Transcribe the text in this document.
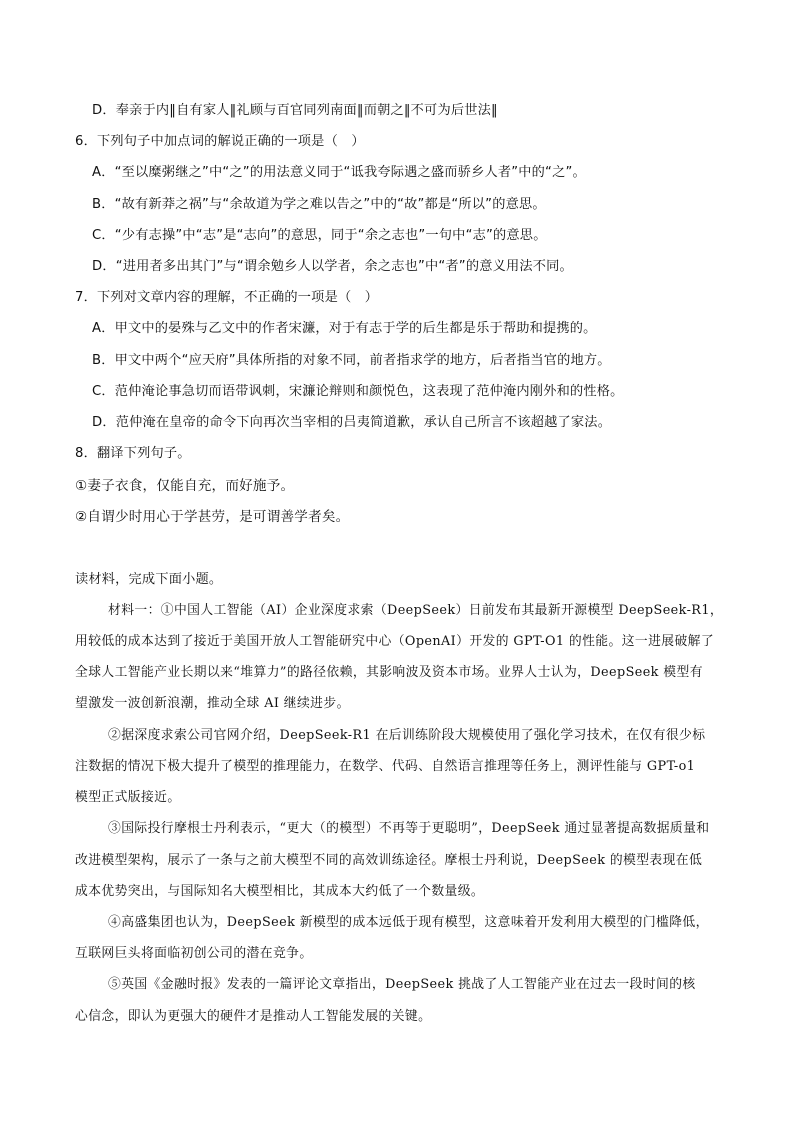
D．奉亲于内‖自有家人‖礼顾与百官同列南面‖而朝之‖不可为后世法‖
6．下列句子中加点词的解说正确的一项是（　）
A．“至以糜粥继之”中“之”的用法意义同于“诋我夸际遇之盛而骄乡人者”中的“之”。
B．“故有新莽之祸”与“余故道为学之难以告之”中的“故”都是“所以”的意思。
C．“少有志操”中“志”是“志向”的意思，同于“余之志也”一句中“志”的意思。
D．“进用者多出其门”与“谓余勉乡人以学者，余之志也”中“者”的意义用法不同。
7．下列对文章内容的理解，不正确的一项是（　）
A．甲文中的晏殊与乙文中的作者宋濂，对于有志于学的后生都是乐于帮助和提携的。
B．甲文中两个“应天府”具体所指的对象不同，前者指求学的地方，后者指当官的地方。
C．范仲淹论事急切而语带讽刺，宋濂论辩则和颜悦色，这表现了范仲淹内刚外和的性格。
D．范仲淹在皇帝的命令下向再次当宰相的吕夷简道歉，承认自己所言不该超越了家法。
8．翻译下列句子。
①妻子衣食，仅能自充，而好施予。
②自谓少时用心于学甚劳，是可谓善学者矣。
读材料，完成下面小题。
材料一：①中国人工智能（AI）企业深度求索（DeepSeek）日前发布其最新开源模型 DeepSeek-R1，
用较低的成本达到了接近于美国开放人工智能研究中心（OpenAI）开发的 GPT-O1 的性能。这一进展破解了
全球人工智能产业长期以来“堆算力”的路径依赖，其影响波及资本市场。业界人士认为，DeepSeek 模型有
望激发一波创新浪潮，推动全球 AI 继续进步。
②据深度求索公司官网介绍，DeepSeek-R1 在后训练阶段大规模使用了强化学习技术，在仅有很少标
注数据的情况下极大提升了模型的推理能力，在数学、代码、自然语言推理等任务上，测评性能与 GPT-o1
模型正式版接近。
③国际投行摩根士丹利表示，“更大（的模型）不再等于更聪明”，DeepSeek 通过显著提高数据质量和
改进模型架构，展示了一条与之前大模型不同的高效训练途径。摩根士丹利说，DeepSeek 的模型表现在低
成本优势突出，与国际知名大模型相比，其成本大约低了一个数量级。
④高盛集团也认为，DeepSeek 新模型的成本远低于现有模型，这意味着开发利用大模型的门槛降低，
互联网巨头将面临初创公司的潜在竞争。
⑤英国《金融时报》发表的一篇评论文章指出，DeepSeek 挑战了人工智能产业在过去一段时间的核
心信念，即认为更强大的硬件才是推动人工智能发展的关键。
